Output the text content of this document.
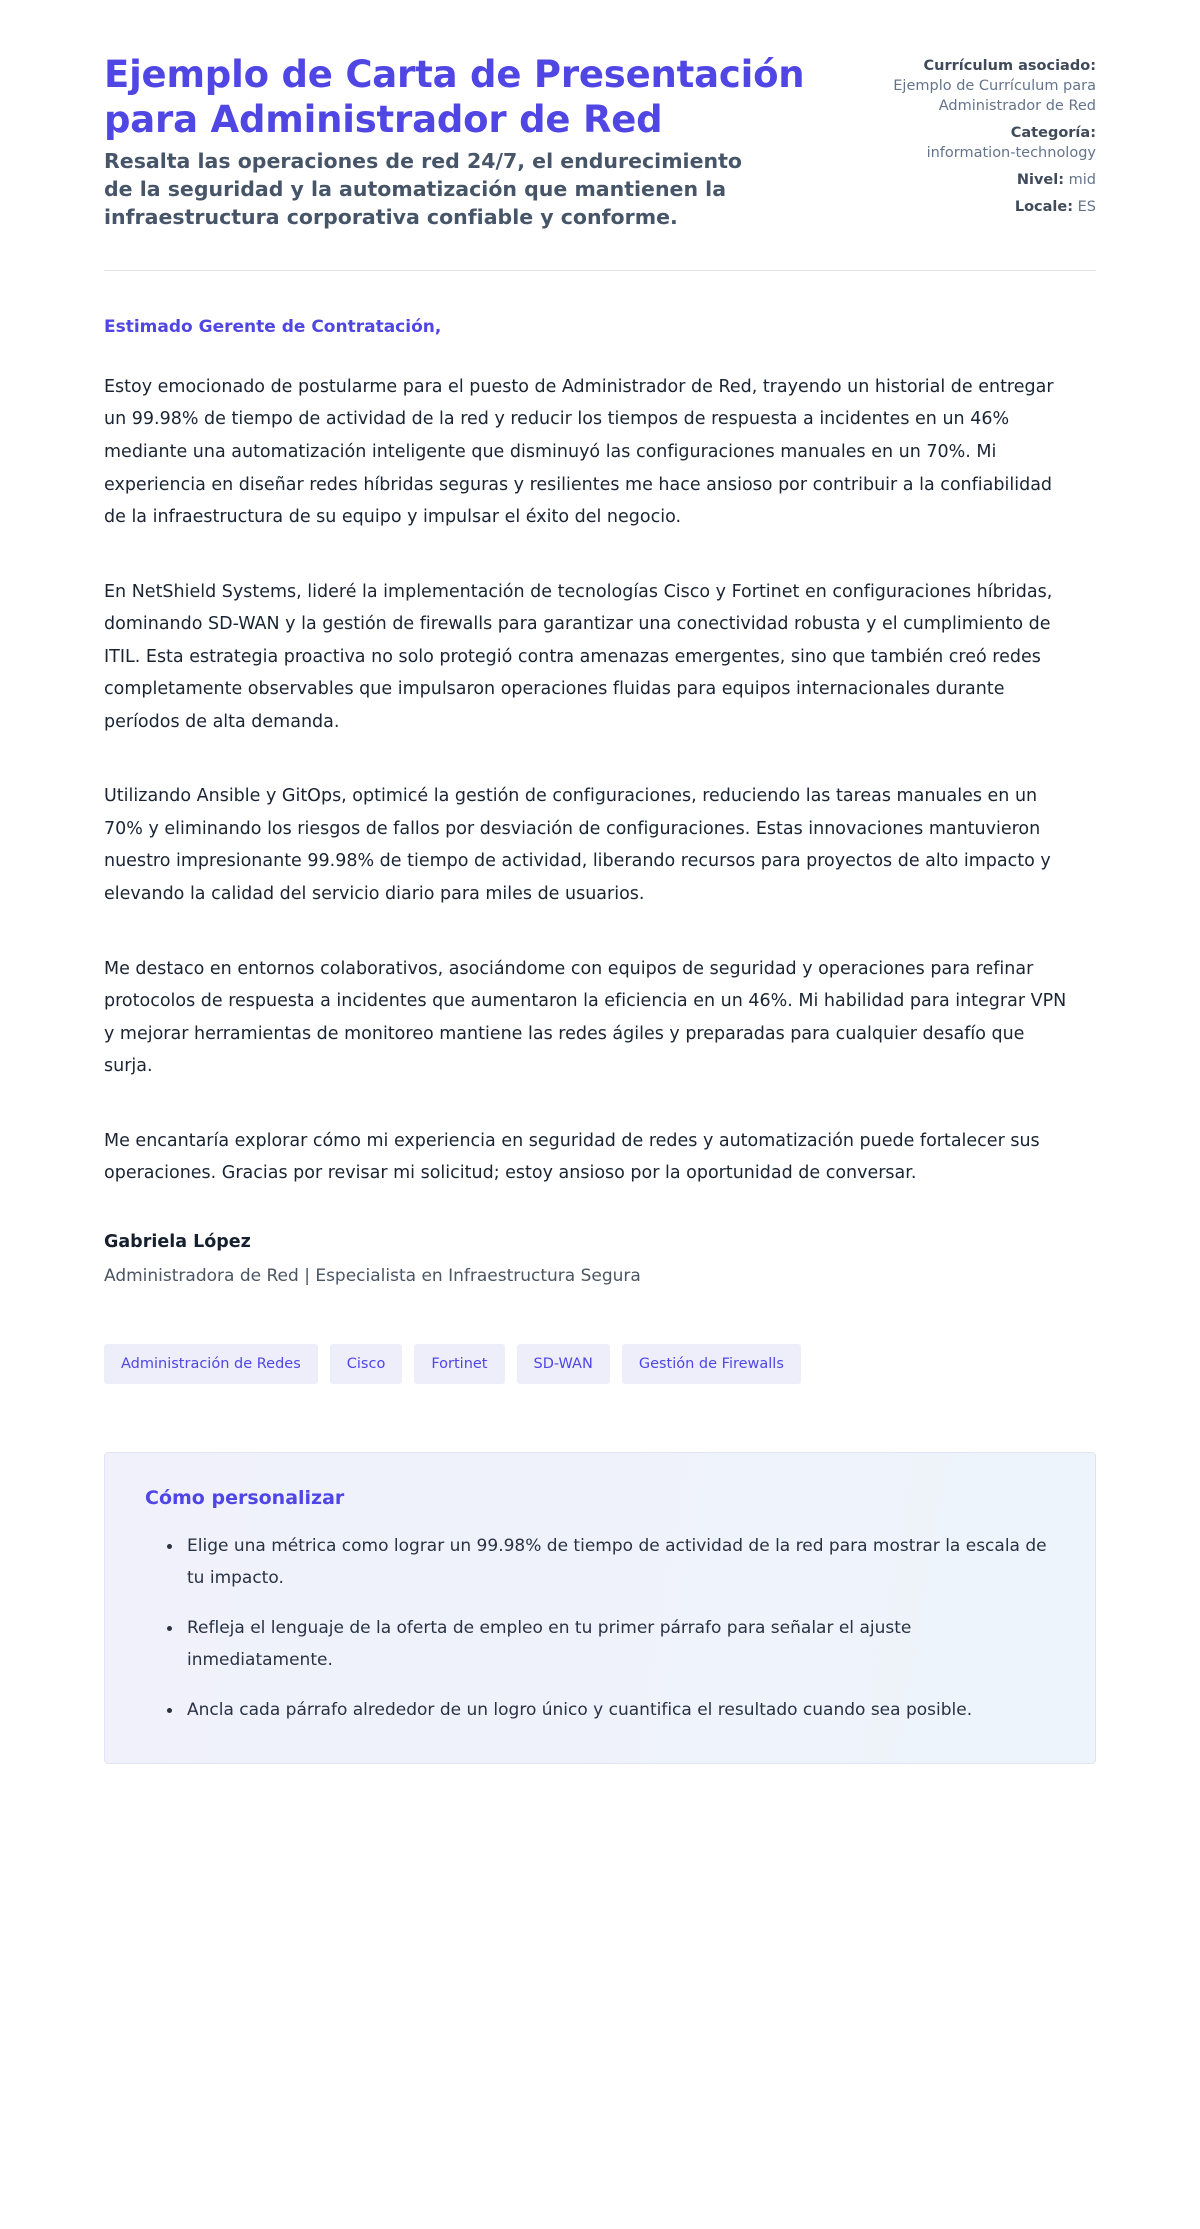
Ejemplo de Carta de Presentación para Administrador de Red

Resalta las operaciones de red 24/7, el endurecimiento de la seguridad y la automatización que mantienen la infraestructura corporativa confiable y conforme.

Currículum asociado:
Ejemplo de Currículum para Administrador de Red
Categoría:
information-technology
Nivel: mid
Locale: ES

Estimado Gerente de Contratación,

Estoy emocionado de postularme para el puesto de Administrador de Red, trayendo un historial de entregar un 99.98% de tiempo de actividad de la red y reducir los tiempos de respuesta a incidentes en un 46% mediante una automatización inteligente que disminuyó las configuraciones manuales en un 70%. Mi experiencia en diseñar redes híbridas seguras y resilientes me hace ansioso por contribuir a la confiabilidad de la infraestructura de su equipo y impulsar el éxito del negocio.

En NetShield Systems, lideré la implementación de tecnologías Cisco y Fortinet en configuraciones híbridas, dominando SD-WAN y la gestión de firewalls para garantizar una conectividad robusta y el cumplimiento de ITIL. Esta estrategia proactiva no solo protegió contra amenazas emergentes, sino que también creó redes completamente observables que impulsaron operaciones fluidas para equipos internacionales durante períodos de alta demanda.

Utilizando Ansible y GitOps, optimicé la gestión de configuraciones, reduciendo las tareas manuales en un 70% y eliminando los riesgos de fallos por desviación de configuraciones. Estas innovaciones mantuvieron nuestro impresionante 99.98% de tiempo de actividad, liberando recursos para proyectos de alto impacto y elevando la calidad del servicio diario para miles de usuarios.

Me destaco en entornos colaborativos, asociándome con equipos de seguridad y operaciones para refinar protocolos de respuesta a incidentes que aumentaron la eficiencia en un 46%. Mi habilidad para integrar VPN y mejorar herramientas de monitoreo mantiene las redes ágiles y preparadas para cualquier desafío que surja.

Me encantaría explorar cómo mi experiencia en seguridad de redes y automatización puede fortalecer sus operaciones. Gracias por revisar mi solicitud; estoy ansioso por la oportunidad de conversar.

Gabriela López

Administradora de Red | Especialista en Infraestructura Segura

Administración de Redes	Cisco	Fortinet	SD-WAN	Gestión de Firewalls

Cómo personalizar

Elige una métrica como lograr un 99.98% de tiempo de actividad de la red para mostrar la escala de tu impacto.
Refleja el lenguaje de la oferta de empleo en tu primer párrafo para señalar el ajuste inmediatamente.
Ancla cada párrafo alrededor de un logro único y cuantifica el resultado cuando sea posible.
